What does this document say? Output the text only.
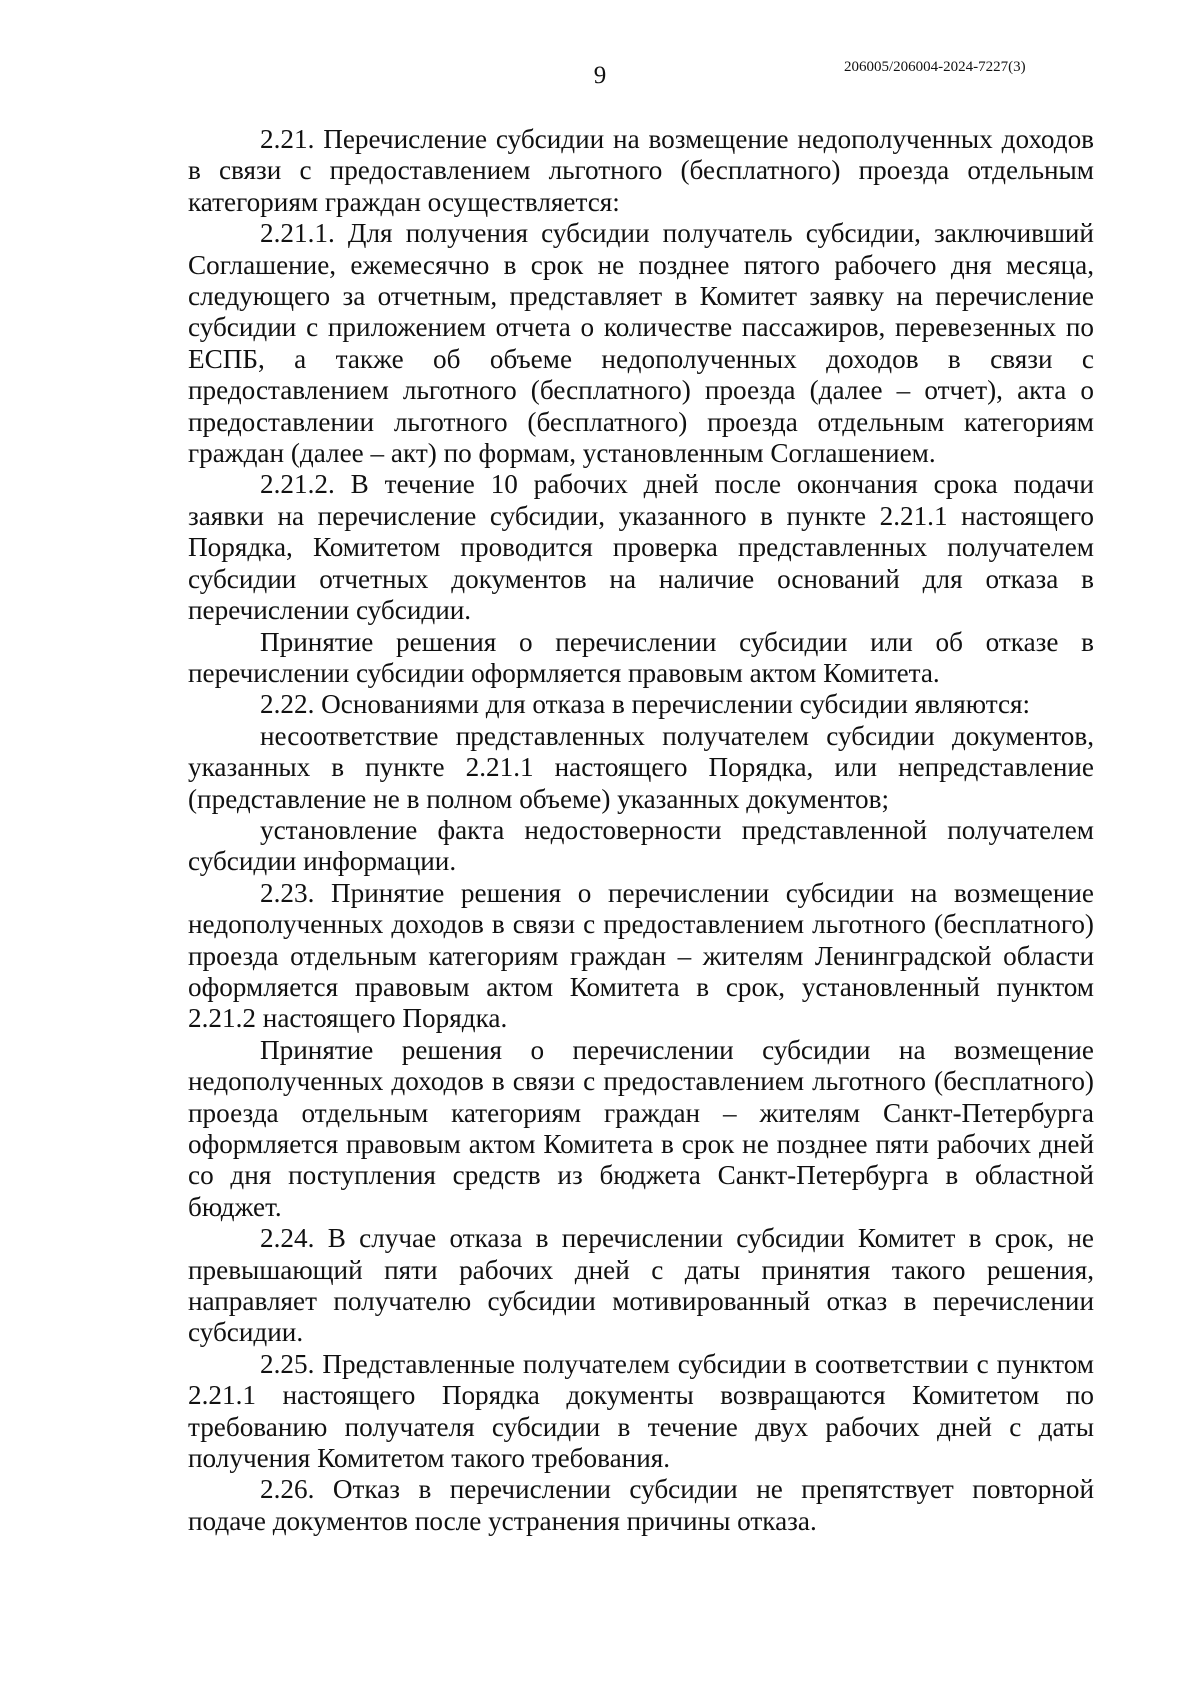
9	206005/206004-2024-7227(3)

2.21. Перечисление субсидии на возмещение недополученных доходов в связи с предоставлением льготного (бесплатного) проезда отдельным категориям граждан осуществляется:

2.21.1. Для получения субсидии получатель субсидии, заключивший Соглашение, ежемесячно в срок не позднее пятого рабочего дня месяца, следующего за отчетным, представляет в Комитет заявку на перечисление субсидии с приложением отчета о количестве пассажиров, перевезенных по ЕСПБ, а также об объеме недополученных доходов в связи с предоставлением льготного (бесплатного) проезда (далее – отчет), акта о предоставлении льготного (бесплатного) проезда отдельным категориям граждан (далее – акт) по формам, установленным Соглашением.

2.21.2. В течение 10 рабочих дней после окончания срока подачи заявки на перечисление субсидии, указанного в пункте 2.21.1 настоящего Порядка, Комитетом проводится проверка представленных получателем субсидии отчетных документов на наличие оснований для отказа в перечислении субсидии.

Принятие решения о перечислении субсидии или об отказе в перечислении субсидии оформляется правовым актом Комитета.

2.22. Основаниями для отказа в перечислении субсидии являются:

несоответствие представленных получателем субсидии документов, указанных в пункте 2.21.1 настоящего Порядка, или непредставление (представление не в полном объеме) указанных документов;

установление факта недостоверности представленной получателем субсидии информации.

2.23. Принятие решения о перечислении субсидии на возмещение недополученных доходов в связи с предоставлением льготного (бесплатного) проезда отдельным категориям граждан – жителям Ленинградской области оформляется правовым актом Комитета в срок, установленный пунктом 2.21.2 настоящего Порядка.

Принятие решения о перечислении субсидии на возмещение недополученных доходов в связи с предоставлением льготного (бесплатного) проезда отдельным категориям граждан – жителям Санкт-Петербурга оформляется правовым актом Комитета в срок не позднее пяти рабочих дней со дня поступления средств из бюджета Санкт-Петербурга в областной бюджет.

2.24. В случае отказа в перечислении субсидии Комитет в срок, не превышающий пяти рабочих дней с даты принятия такого решения, направляет получателю субсидии мотивированный отказ в перечислении субсидии.

2.25. Представленные получателем субсидии в соответствии с пунктом 2.21.1 настоящего Порядка документы возвращаются Комитетом по требованию получателя субсидии в течение двух рабочих дней с даты получения Комитетом такого требования.

2.26. Отказ в перечислении субсидии не препятствует повторной подаче документов после устранения причины отказа.
